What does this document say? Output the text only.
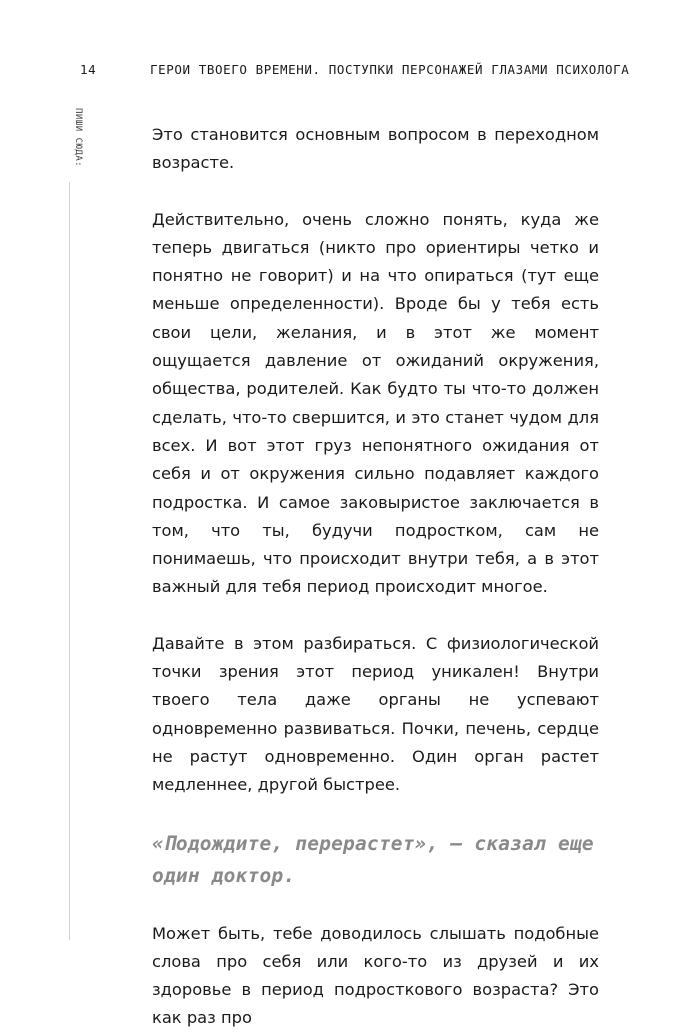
14	ГЕРОИ ТВОЕГО ВРЕМЕНИ. ПОСТУПКИ ПЕРСОНАЖЕЙ ГЛАЗАМИ ПСИХОЛОГА
ПИШИ СЮДА:	Это становится основным вопросом в переходном возрасте.

Действительно, очень сложно понять, куда же теперь двигаться (никто про ориентиры четко и понятно не говорит) и на что опираться (тут еще меньше определенности). Вроде бы у тебя есть свои цели, желания, и в этот же момент ощущается давление от ожиданий окружения, общества, родителей. Как будто ты что-то должен сделать, что-то свершится, и это станет чудом для всех. И вот этот груз непонятного ожидания от себя и от окружения сильно подавляет каждого подростка. И самое заковыристое заключается в том, что ты, будучи подростком, сам не понимаешь, что происходит внутри тебя, а в этот важный для тебя период происходит многое.

Давайте в этом разбираться. С физиологической точки зрения этот период уникален! Внутри твоего тела даже органы не успевают одновременно развиваться. Почки, печень, сердце не растут одновременно. Один орган растет медленнее, другой быстрее.

«Подождите, перерастет», — сказал еще один доктор.

Может быть, тебе доводилось слышать подобные слова про себя или кого-то из друзей и их здоровье в период подросткового возраста? Это как раз про
